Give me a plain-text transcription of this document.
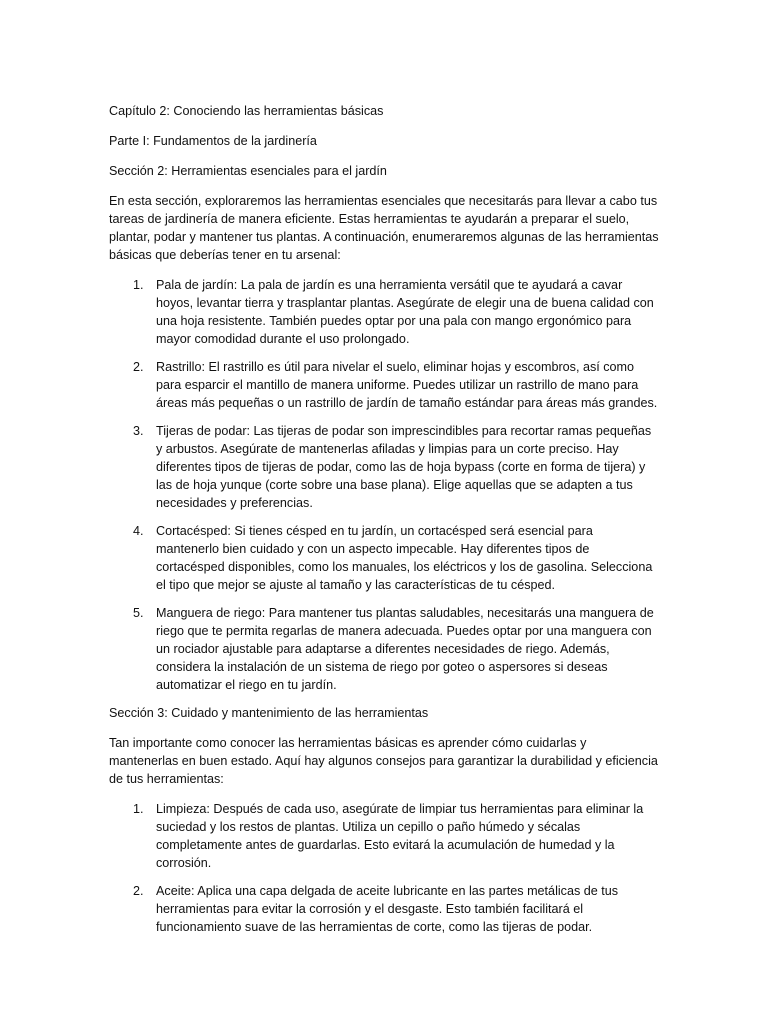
Capítulo 2: Conociendo las herramientas básicas

Parte I: Fundamentos de la jardinería

Sección 2: Herramientas esenciales para el jardín

En esta sección, exploraremos las herramientas esenciales que necesitarás para llevar a cabo tus tareas de jardinería de manera eficiente. Estas herramientas te ayudarán a preparar el suelo, plantar, podar y mantener tus plantas. A continuación, enumeraremos algunas de las herramientas básicas que deberías tener en tu arsenal:

1. Pala de jardín: La pala de jardín es una herramienta versátil que te ayudará a cavar hoyos, levantar tierra y trasplantar plantas. Asegúrate de elegir una de buena calidad con una hoja resistente. También puedes optar por una pala con mango ergonómico para mayor comodidad durante el uso prolongado.
2. Rastrillo: El rastrillo es útil para nivelar el suelo, eliminar hojas y escombros, así como para esparcir el mantillo de manera uniforme. Puedes utilizar un rastrillo de mano para áreas más pequeñas o un rastrillo de jardín de tamaño estándar para áreas más grandes.
3. Tijeras de podar: Las tijeras de podar son imprescindibles para recortar ramas pequeñas y arbustos. Asegúrate de mantenerlas afiladas y limpias para un corte preciso. Hay diferentes tipos de tijeras de podar, como las de hoja bypass (corte en forma de tijera) y las de hoja yunque (corte sobre una base plana). Elige aquellas que se adapten a tus necesidades y preferencias.
4. Cortacésped: Si tienes césped en tu jardín, un cortacésped será esencial para mantenerlo bien cuidado y con un aspecto impecable. Hay diferentes tipos de cortacésped disponibles, como los manuales, los eléctricos y los de gasolina. Selecciona el tipo que mejor se ajuste al tamaño y las características de tu césped.
5. Manguera de riego: Para mantener tus plantas saludables, necesitarás una manguera de riego que te permita regarlas de manera adecuada. Puedes optar por una manguera con un rociador ajustable para adaptarse a diferentes necesidades de riego. Además, considera la instalación de un sistema de riego por goteo o aspersores si deseas automatizar el riego en tu jardín.

Sección 3: Cuidado y mantenimiento de las herramientas

Tan importante como conocer las herramientas básicas es aprender cómo cuidarlas y mantenerlas en buen estado. Aquí hay algunos consejos para garantizar la durabilidad y eficiencia de tus herramientas:

1. Limpieza: Después de cada uso, asegúrate de limpiar tus herramientas para eliminar la suciedad y los restos de plantas. Utiliza un cepillo o paño húmedo y sécalas completamente antes de guardarlas. Esto evitará la acumulación de humedad y la corrosión.
2. Aceite: Aplica una capa delgada de aceite lubricante en las partes metálicas de tus herramientas para evitar la corrosión y el desgaste. Esto también facilitará el funcionamiento suave de las herramientas de corte, como las tijeras de podar.
